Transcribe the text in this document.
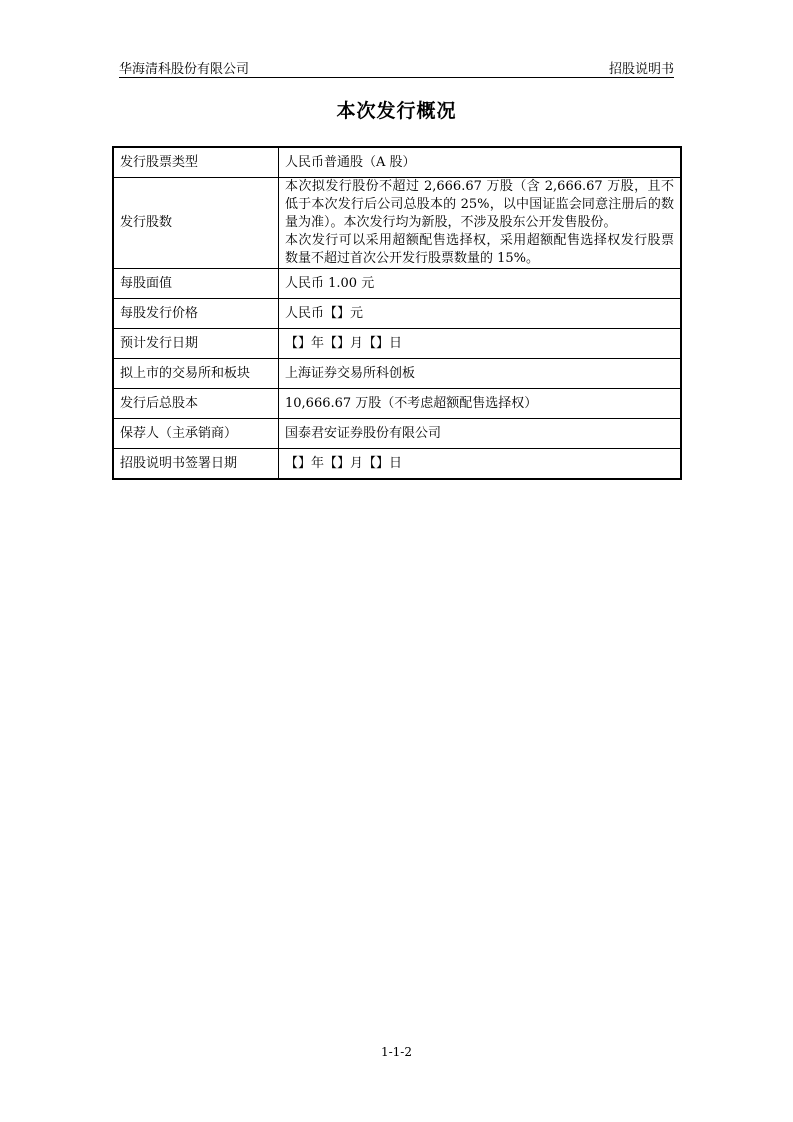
华海清科股份有限公司	招股说明书
本次发行概况
发行股票类型	人民币普通股（A 股）
发行股数	本次拟发行股份不超过 2,666.67 万股（含 2,666.67 万股，且不低于本次发行后公司总股本的 25%，以中国证监会同意注册后的数量为准）。本次发行均为新股，不涉及股东公开发售股份。
本次发行可以采用超额配售选择权，采用超额配售选择权发行股票数量不超过首次公开发行股票数量的 15%。

每股面值	人民币 1.00 元
每股发行价格	人民币【】元
预计发行日期	【】年【】月【】日
拟上市的交易所和板块	上海证券交易所科创板
发行后总股本	10,666.67 万股（不考虑超额配售选择权）
保荐人（主承销商）	国泰君安证券股份有限公司
招股说明书签署日期	【】年【】月【】日
1-1-2
